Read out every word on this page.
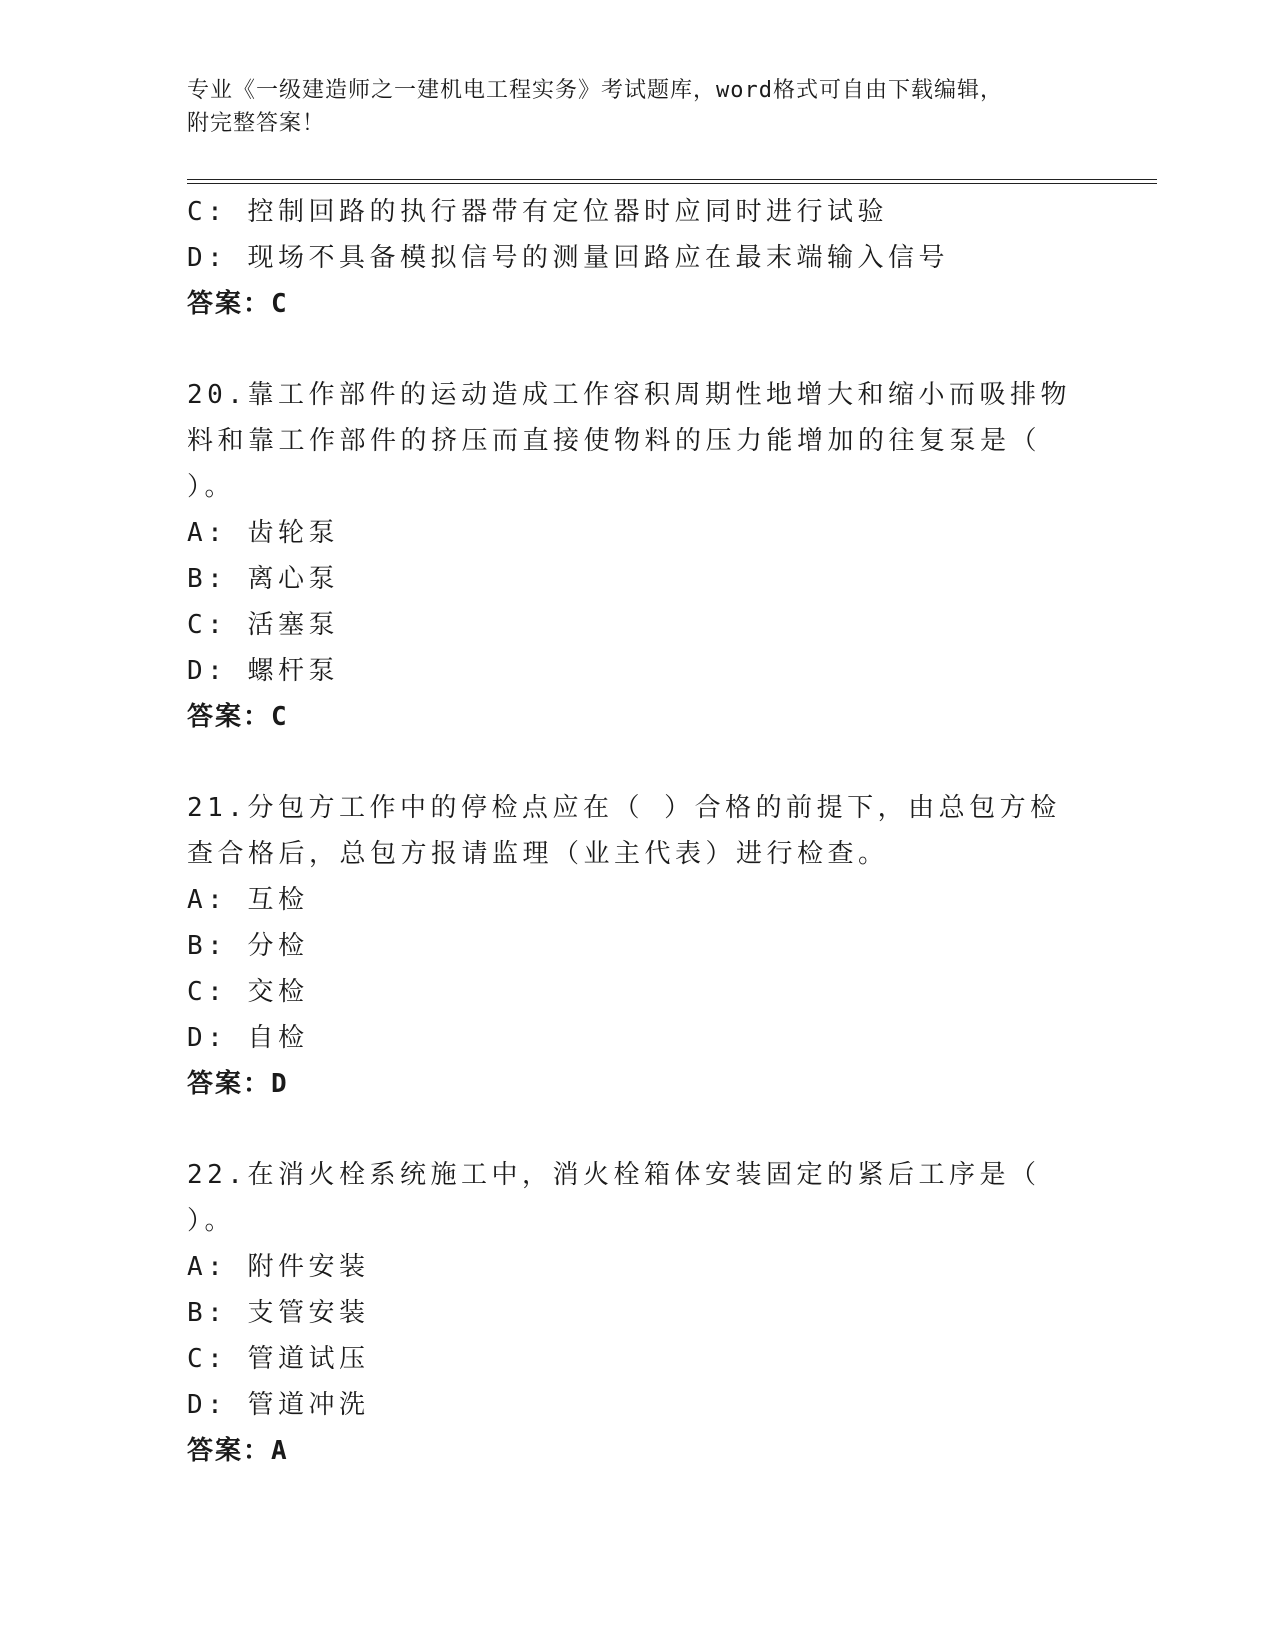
专业《一级建造师之一建机电工程实务》考试题库，word格式可自由下载编辑，
附完整答案！
C: 控制回路的执行器带有定位器时应同时进行试验
D: 现场不具备模拟信号的测量回路应在最末端输入信号
答案：C
20.靠工作部件的运动造成工作容积周期性地增大和缩小而吸排物料和靠工作部件的挤压而直接使物料的压力能增加的往复泵是（ ）。
A: 齿轮泵
B: 离心泵
C: 活塞泵
D: 螺杆泵
答案：C
21.分包方工作中的停检点应在（ ）合格的前提下，由总包方检查合格后，总包方报请监理（业主代表）进行检查。
A: 互检
B: 分检
C: 交检
D: 自检
答案：D
22.在消火栓系统施工中，消火栓箱体安装固定的紧后工序是（ ）。
A: 附件安装
B: 支管安装
C: 管道试压
D: 管道冲洗
答案：A
